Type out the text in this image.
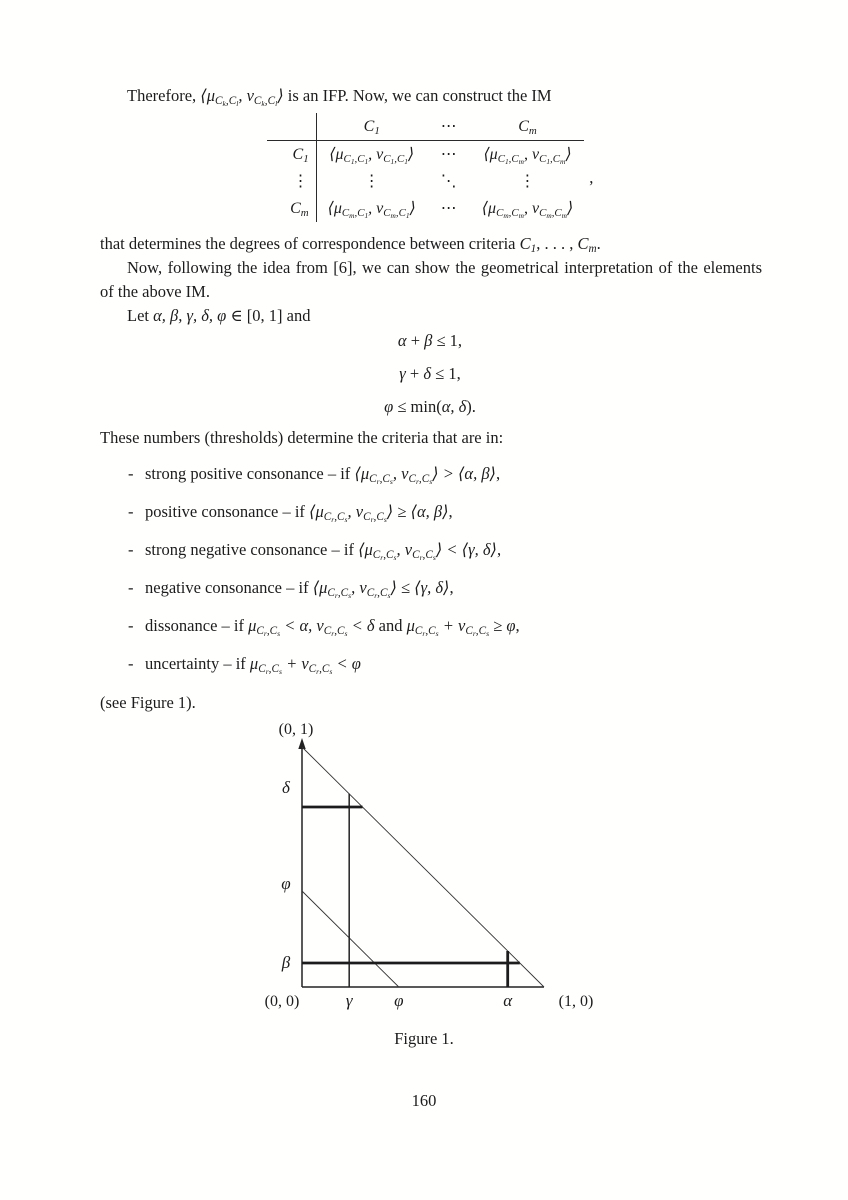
Therefore, $⟨\mu_{C_k,C_l}$, $\nu_{C_k,C_l}⟩$ is an IFP. Now, we can construct the IM
	$C_1$	⋯	$C_m$
$C_1$	$⟨\mu_{C_1,C_1}$, $\nu_{C_1,C_1}⟩$	⋯	$⟨\mu_{C_1,C_m}$, $\nu_{C_1,C_m}⟩$
⋮	⋮	⋱	⋮
$C_m$	$⟨\mu_{C_m,C_1}$, $\nu_{C_m,C_1}⟩$	⋯	$⟨\mu_{C_m,C_m}$, $\nu_{C_m,C_m}⟩$
,
that determines the degrees of correspondence between criteria $C_1$, . . . , $C_m$.
Now, following the idea from [6], we can show the geometrical interpretation of the elements
of the above IM.
Let α, β, γ, δ, φ ∈ [0, 1] and
α + β ≤ 1,
γ + δ ≤ 1,
φ ≤ min(α, δ).
These numbers (thresholds) determine the criteria that are in:
- strong positive consonance – if $⟨\mu_{C_r,C_s}$, $\nu_{C_r,C_s}⟩$ > ⟨α, β⟩,
- positive consonance – if $⟨\mu_{C_r,C_s}$, $\nu_{C_r,C_s}⟩$ ≥ ⟨α, β⟩,
- strong negative consonance – if $⟨\mu_{C_r,C_s}$, $\nu_{C_r,C_s}⟩$ < ⟨γ, δ⟩,
- negative consonance – if $⟨\mu_{C_r,C_s}$, $\nu_{C_r,C_s}⟩$ ≤ ⟨γ, δ⟩,
- dissonance – if $\mu_{C_r,C_s} < \alpha$, $\nu_{C_r,C_s} < \delta$ and $\mu_{C_r,C_s} + \nu_{C_r,C_s} \ge \varphi$,
- uncertainty – if $\mu_{C_r,C_s} + \nu_{C_r,C_s} < \varphi$
(see Figure 1).
(0, 1)
(0, 0)	(1, 0)
δ
φ
β
γ φ	α
Figure 1.
160
